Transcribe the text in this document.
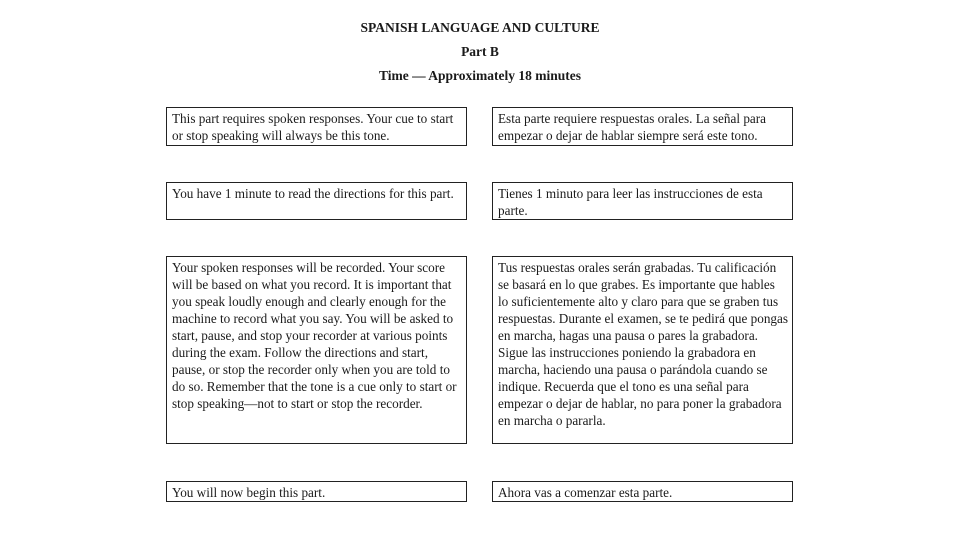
SPANISH LANGUAGE AND CULTURE
Part B
Time — Approximately 18 minutes
This part requires spoken responses. Your cue to start or stop speaking will always be this tone.
Esta parte requiere respuestas orales. La señal para empezar o dejar de hablar siempre será este tono.
You have 1 minute to read the directions for this part.	Tienes 1 minuto para leer las instrucciones de esta parte.
Your spoken responses will be recorded. Your score will be based on what you record. It is important that you speak loudly enough and clearly enough for the machine to record what you say. You will be asked to start, pause, and stop your recorder at various points during the exam. Follow the directions and start, pause, or stop the recorder only when you are told to do so. Remember that the tone is a cue only to start or stop speaking—not to start or stop the recorder.
Tus respuestas orales serán grabadas. Tu calificación se basará en lo que grabes. Es importante que hables lo suficientemente alto y claro para que se graben tus respuestas. Durante el examen, se te pedirá que pongas en marcha, hagas una pausa o pares la grabadora. Sigue las instrucciones poniendo la grabadora en marcha, haciendo una pausa o parándola cuando se indique. Recuerda que el tono es una señal para empezar o dejar de hablar, no para poner la grabadora en marcha o pararla.
You will now begin this part.	Ahora vas a comenzar esta parte.
